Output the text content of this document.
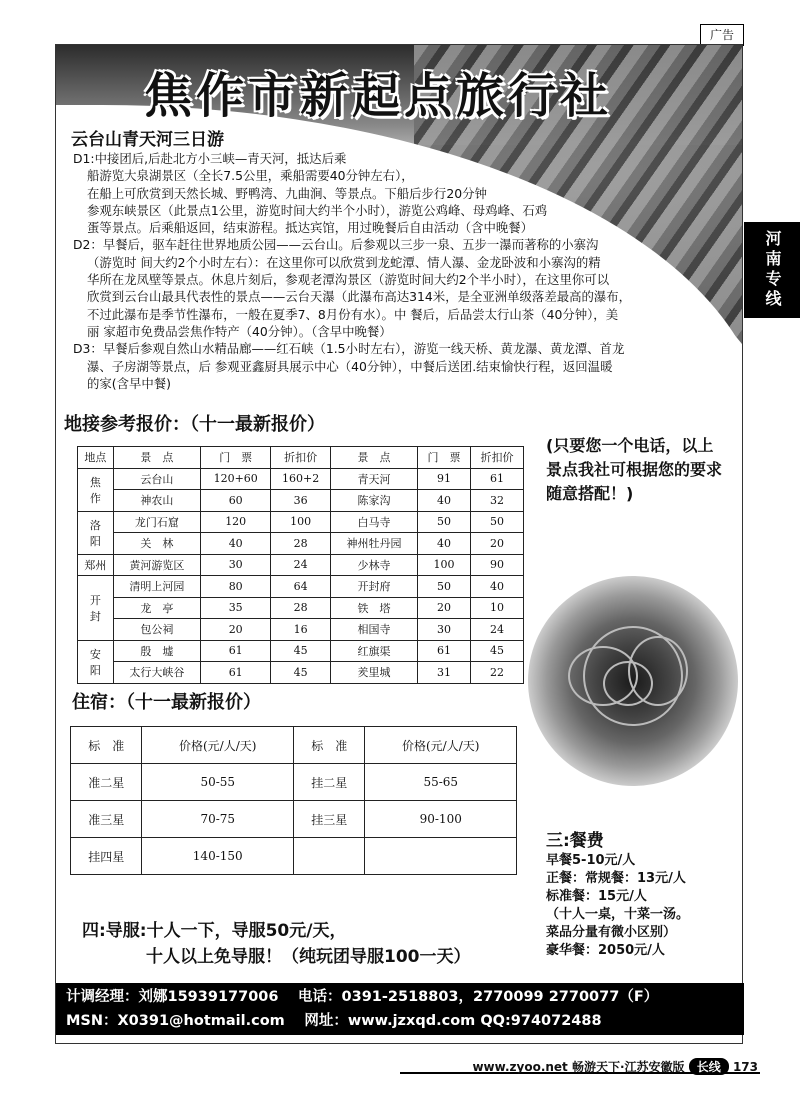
广告
焦作市新起点旅行社
河南专线
云台山青天河三日游

D1:中接团后,后赴北方小三峡—青天河，抵达后乘

船游览大泉湖景区（全长7.5公里，乘船需要40分钟左右），

在船上可欣赏到天然长城、野鸭湾、九曲涧、等景点。下船后步行20分钟

参观东峡景区（此景点1公里，游览时间大约半个小时），游览公鸡峰、母鸡峰、石鸡

蛋等景点。后乘船返回，结束游程。抵达宾馆，用过晚餐后自由活动（含中晚餐）

D2：早餐后，驱车赶往世界地质公园——云台山。后参观以三步一泉、五步一瀑而著称的小寨沟

（游览时 间大约2个小时左右）：在这里你可以欣赏到龙蛇潭、情人瀑、金龙卧波和小寨沟的精

华所在龙凤壁等景点。休息片刻后，参观老潭沟景区（游览时间大约2个半小时），在这里你可以

欣赏到云台山最具代表性的景点——云台天瀑（此瀑布高达314米，是全亚洲单级落差最高的瀑布，

不过此瀑布是季节性瀑布，一般在夏季7、8月份有水）。中 餐后，后品尝太行山茶（40分钟），美

丽 家超市免费品尝焦作特产（40分钟）。（含早中晚餐）

D3：早餐后参观自然山水精品廊——红石峡（1.5小时左右），游览一线天桥、黄龙瀑、黄龙潭、首龙

瀑、子房湖等景点，后 参观亚鑫厨具展示中心（40分钟），中餐后送团.结束愉快行程，返回温暖

的家(含早中餐)

地接参考报价：（十一最新报价）
(只要您一个电话，以上景点我社可根据您的要求随意搭配！)
地点	景　点	门　票	折扣价	景　点	门　票	折扣价
焦
作	云台山	120+60	160+2	青天河	91	61
	神农山	60	36	陈家沟	40	32
洛
阳	龙门石窟	120	100	白马寺	50	50
	关　林	40	28	神州牡丹园	40	20
郑州	黄河游览区	30	24	少林寺	100	90
开
封	清明上河园	80	64	开封府	50	40
	龙　亭	35	28	铁　塔	20	10
	包公祠	20	16	相国寺	30	24
安
阳	殷　墟	61	45	红旗渠	61	45
	太行大峡谷	61	45	羑里城	31	22
住宿：（十一最新报价）
标　准	价格(元/人/天)	标　准	价格(元/人/天)
准二星	50-55	挂二星	55-65
准三星	70-75	挂三星	90-100
挂四星	140-150		
三:餐费
早餐5-10元/人
正餐：常规餐：13元/人
标准餐：15元/人
（十人一桌，十菜一汤。
菜品分量有微小区别）
豪华餐：2050元/人
四:导服:十人一下，导服50元/天，
十人以上免导服！（纯玩团导服100一天）

计调经理：刘娜15939177006　 电话：0391-2518803，2770099 2770077（F）

MSN：X0391@hotmail.com　 网址：www.jzxqd.com QQ:974072488

www.zyoo.net 畅游天下·江苏安徽版 长线 173
